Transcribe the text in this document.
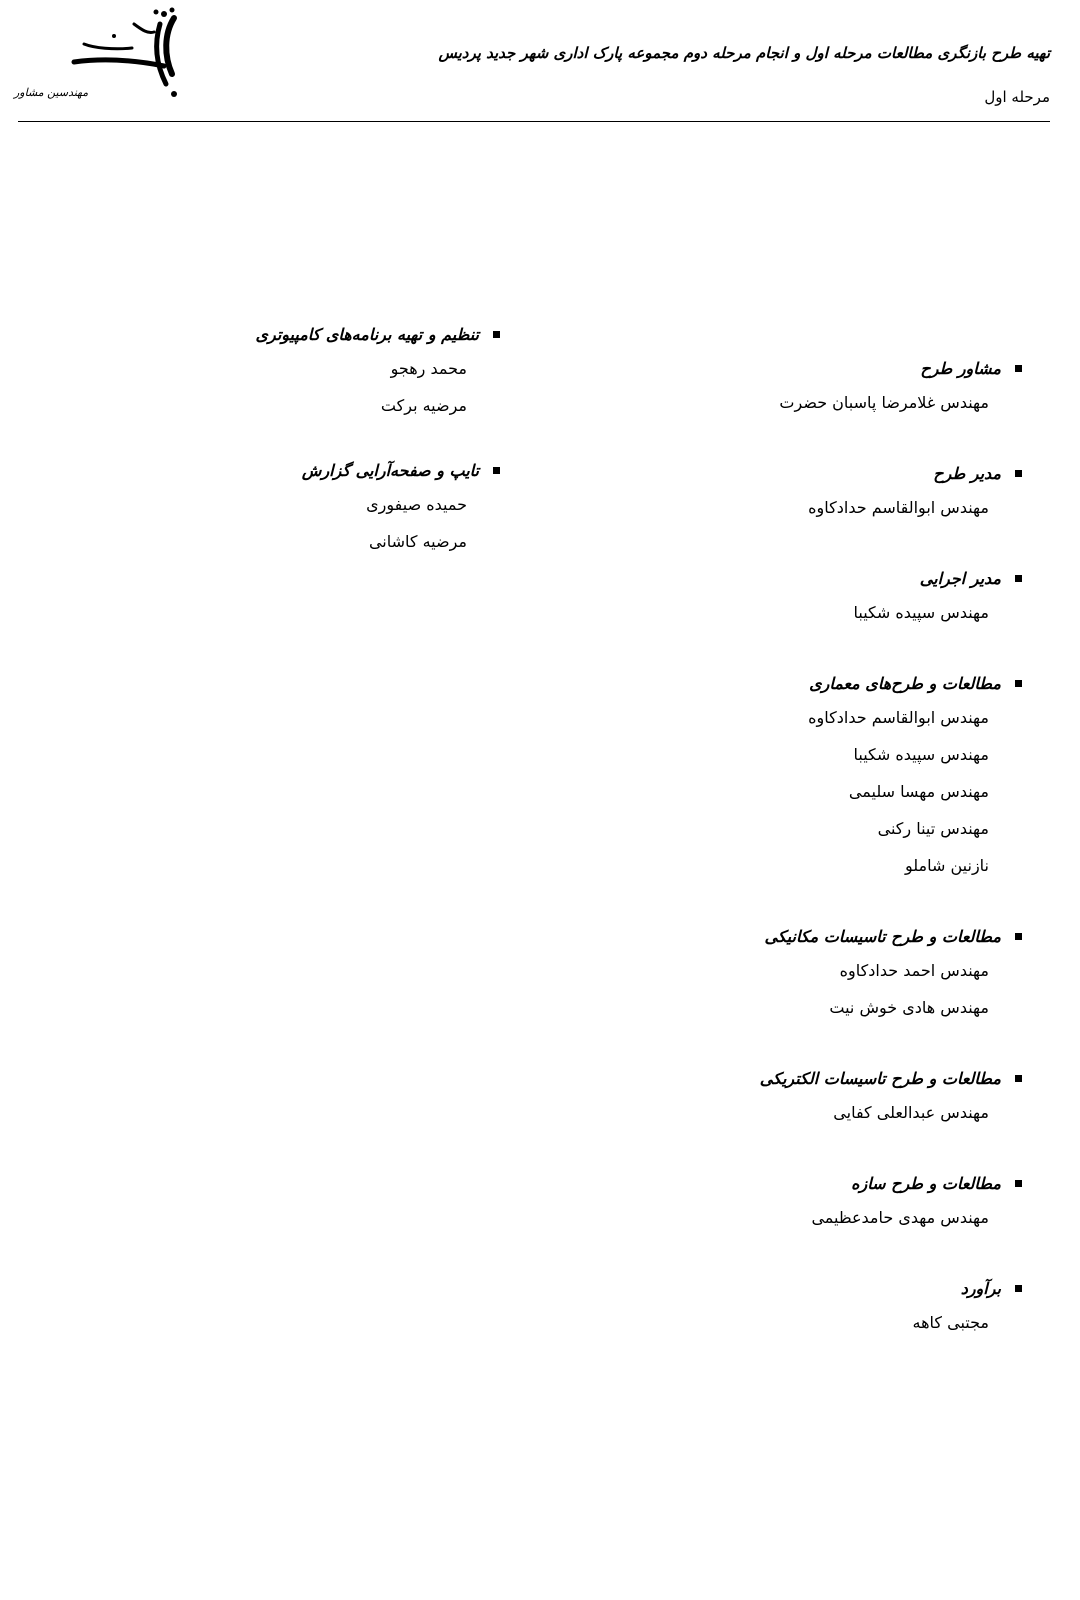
مهندسین مشاور
تهیه طرح بازنگری مطالعات مرحله اول و انجام مرحله دوم مجموعه پارک اداری شهر جدید پردیس
مرحله اول
مشاور طرح
مهندس غلامرضا پاسبان حضرت
مدیر طرح
مهندس ابوالقاسم حدادکاوه
مدیر اجرایی
مهندس سپیده شکیبا
مطالعات و طرح‌های معماری
مهندس ابوالقاسم حدادکاوه
مهندس سپیده شکیبا
مهندس مهسا سلیمی
مهندس تینا رکنی
نازنین شاملو
مطالعات و طرح تاسیسات مکانیکی
مهندس احمد حدادکاوه
مهندس هادی خوش نیت
مطالعات و طرح تاسیسات الکتریکی
مهندس عبدالعلی کفایی
مطالعات و طرح سازه
مهندس مهدی حامدعظیمی
برآورد
مجتبی کاهه
تنظیم و تهیه برنامه‌های کامپیوتری
محمد رهجو
مرضیه برکت
تایپ و صفحه‌آرایی گزارش
حمیده صیفوری
مرضیه کاشانی
